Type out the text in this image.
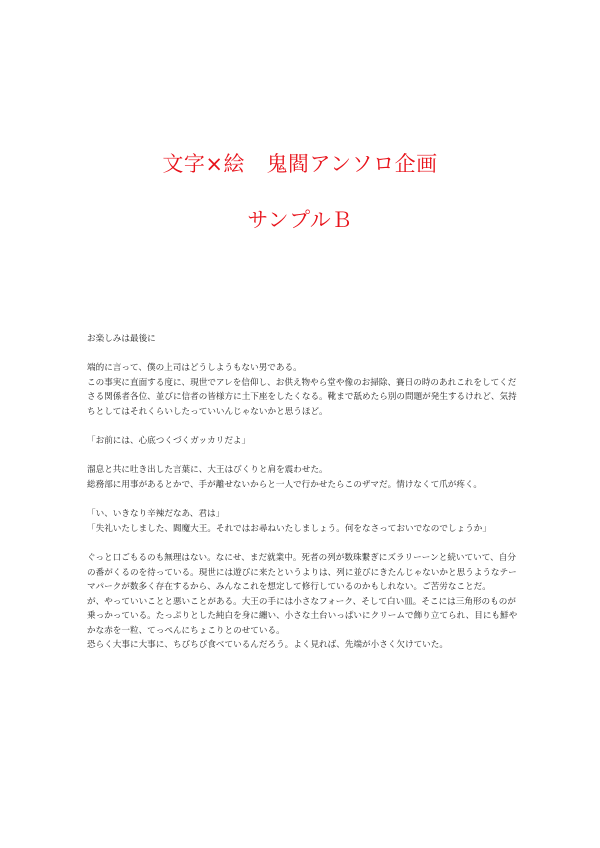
文字×絵　鬼閻アンソロ企画
サンプルＢ
お楽しみは最後に
端的に言って、僕の上司はどうしようもない男である。
この事実に直面する度に、現世でアレを信仰し、お供え物やら堂や像のお掃除、賽日の時のあれこれをしてくだ
さる関係者各位、並びに信者の皆様方に土下座をしたくなる。靴まで舐めたら別の問題が発生するけれど、気持
ちとしてはそれくらいしたっていいんじゃないかと思うほど。
「お前には、心底つくづくガッカリだよ」
溜息と共に吐き出した言葉に、大王はびくりと肩を震わせた。
総務部に用事があるとかで、手が離せないからと一人で行かせたらこのザマだ。情けなくて爪が疼く。
「い、いきなり辛辣だなあ、君は」
「失礼いたしました、閻魔大王。それではお尋ねいたしましょう。何をなさっておいでなのでしょうか」
ぐっと口ごもるのも無理はない。なにせ、まだ就業中。死者の列が数珠繋ぎにズラリーーンと続いていて、自分
の番がくるのを待っている。現世には遊びに来たというよりは、列に並びにきたんじゃないかと思うようなテー
マパークが数多く存在するから、みんなこれを想定して修行しているのかもしれない。ご苦労なことだ。
が、やっていいことと悪いことがある。大王の手には小さなフォーク、そして白い皿。そこには三角形のものが
乗っかっている。たっぷりとした純白を身に纏い、小さな土台いっぱいにクリームで飾り立てられ、目にも鮮や
かな赤を一粒、てっぺんにちょこりとのせている。
恐らく大事に大事に、ちびちび食べているんだろう。よく見れば、先端が小さく欠けていた。
